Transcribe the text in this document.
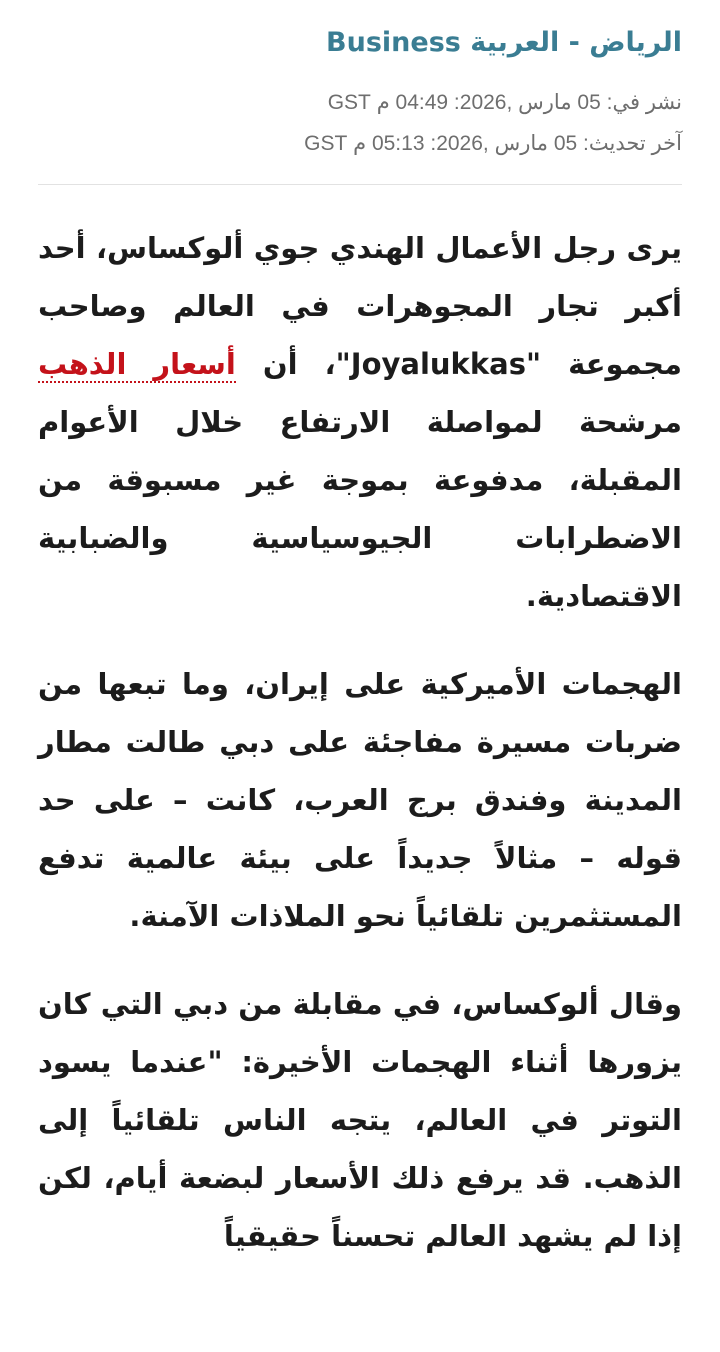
الرياض - العربية Business
نشر في: 05 مارس ,2026: 04:49 م GST
آخر تحديث: 05 مارس ,2026: 05:13 م GST

يرى رجل الأعمال الهندي جوي ألوكساس، أحد أكبر تجار المجوهرات في العالم وصاحب مجموعة "Joyalukkas"، أن أسعار الذهب مرشحة لمواصلة الارتفاع خلال الأعوام المقبلة، مدفوعة بموجة غير مسبوقة من الاضطرابات الجيوسياسية والضبابية الاقتصادية.

الهجمات الأميركية على إيران، وما تبعها من ضربات مسيرة مفاجئة على دبي طالت مطار المدينة وفندق برج العرب، كانت – على حد قوله – مثالاً جديداً على بيئة عالمية تدفع المستثمرين تلقائياً نحو الملاذات الآمنة.

وقال ألوكساس، في مقابلة من دبي التي كان يزورها أثناء الهجمات الأخيرة: "عندما يسود التوتر في العالم، يتجه الناس تلقائياً إلى الذهب. قد يرفع ذلك الأسعار لبضعة أيام، لكن إذا لم يشهد العالم تحسناً حقيقياً
